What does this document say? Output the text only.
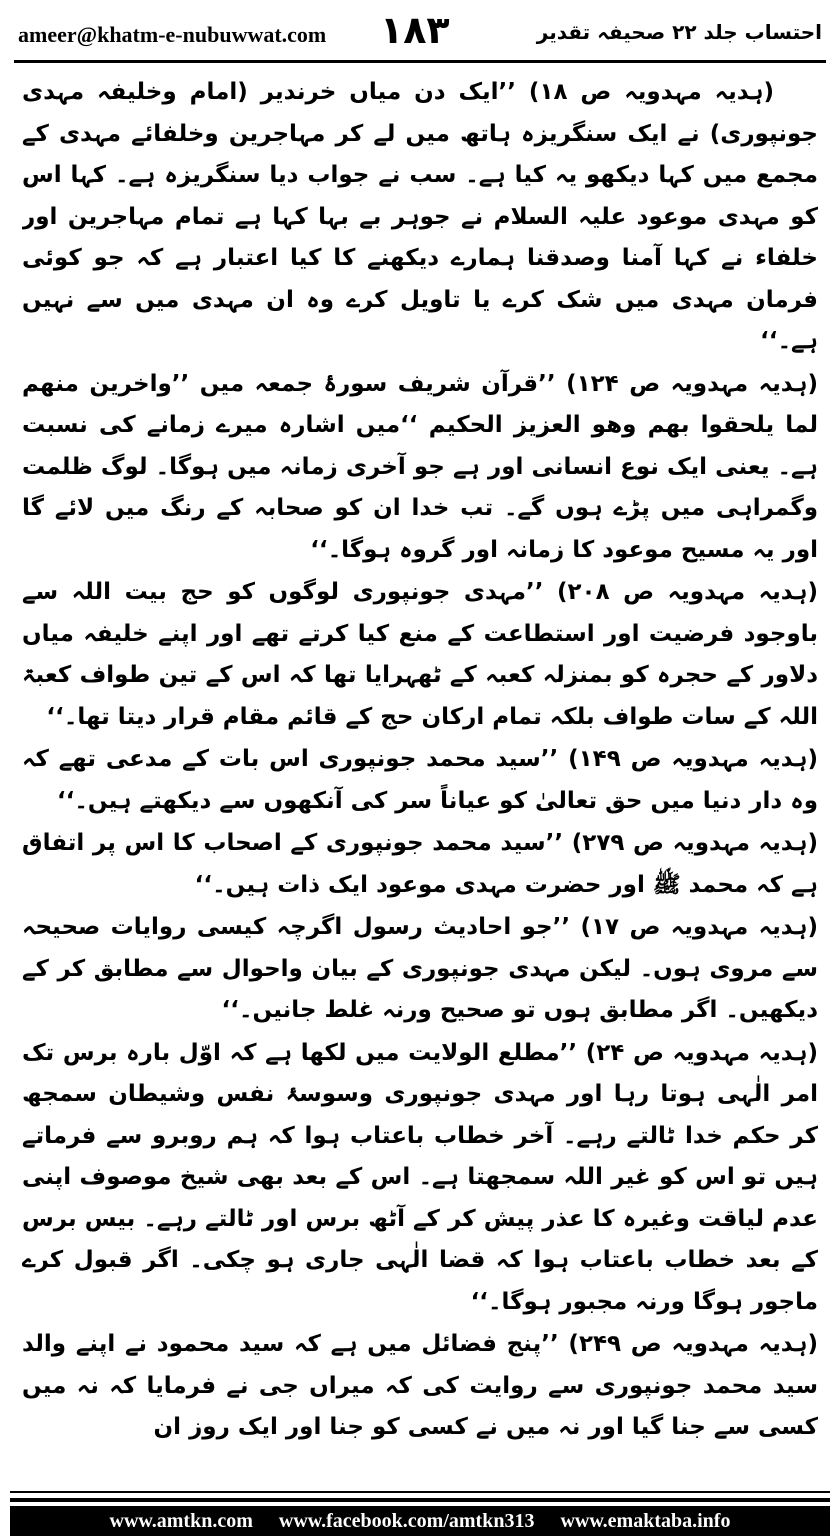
ameer@khatm-e-nubuwwat.com ۱۸۳	احتساب جلد ۲۲ صحیفہ تقدیر

(ہدیہ مہدویہ ص ۱۸) ’’ایک دن میاں خرندیر (امام وخلیفہ مہدی جونپوری) نے ایک سنگریزہ ہاتھ میں لے کر مہاجرین وخلفائے مہدی کے مجمع میں کہا دیکھو یہ کیا ہے۔ سب نے جواب دیا سنگریزہ ہے۔ کہا اس کو مہدی موعود علیہ السلام نے جوہر بے بہا کہا ہے تمام مہاجرین اور خلفاء نے کہا آمنا وصدقنا ہمارے دیکھنے کا کیا اعتبار ہے کہ جو کوئی فرمان مہدی میں شک کرے یا تاویل کرے وہ ان مہدی میں سے نہیں ہے۔‘‘

(ہدیہ مہدویہ ص ۱۲۴) ’’قرآن شریف سورۂ جمعہ میں ’’واخرین منھم لما یلحقوا بھم وھو العزیز الحکیم ‘‘میں اشارہ میرے زمانے کی نسبت ہے۔ یعنی ایک نوع انسانی اور ہے جو آخری زمانہ میں ہوگا۔ لوگ ظلمت وگمراہی میں پڑے ہوں گے۔ تب خدا ان کو صحابہ کے رنگ میں لائے گا اور یہ مسیح موعود کا زمانہ اور گروہ ہوگا۔‘‘

(ہدیہ مہدویہ ص ۲۰۸) ’’مہدی جونپوری لوگوں کو حج بیت اللہ سے باوجود فرضیت اور استطاعت کے منع کیا کرتے تھے اور اپنے خلیفہ میاں دلاور کے حجرہ کو بمنزلہ کعبہ کے ٹھہرایا تھا کہ اس کے تین طواف کعبۃ اللہ کے سات طواف بلکہ تمام ارکان حج کے قائم مقام قرار دیتا تھا۔‘‘

(ہدیہ مہدویہ ص ۱۴۹) ’’سید محمد جونپوری اس بات کے مدعی تھے کہ وہ دار دنیا میں حق تعالیٰ کو عیاناً سر کی آنکھوں سے دیکھتے ہیں۔‘‘

(ہدیہ مہدویہ ص ۲۷۹) ’’سید محمد جونپوری کے اصحاب کا اس پر اتفاق ہے کہ محمد ﷺ اور حضرت مہدی موعود ایک ذات ہیں۔‘‘

(ہدیہ مہدویہ ص ۱۷) ’’جو احادیث رسول اگرچہ کیسی روایات صحیحہ سے مروی ہوں۔ لیکن مہدی جونپوری کے بیان واحوال سے مطابق کر کے دیکھیں۔ اگر مطابق ہوں تو صحیح ورنہ غلط جانیں۔‘‘

(ہدیہ مہدویہ ص ۲۴) ’’مطلع الولایت میں لکھا ہے کہ اوّل بارہ برس تک امر الٰہی ہوتا رہا اور مہدی جونپوری وسوسۂ نفس وشیطان سمجھ کر حکم خدا ٹالتے رہے۔ آخر خطاب باعتاب ہوا کہ ہم روبرو سے فرماتے ہیں تو اس کو غیر اللہ سمجھتا ہے۔ اس کے بعد بھی شیخ موصوف اپنی عدم لیاقت وغیرہ کا عذر پیش کر کے آٹھ برس اور ٹالتے رہے۔ بیس برس کے بعد خطاب باعتاب ہوا کہ قضا الٰہی جاری ہو چکی۔ اگر قبول کرے ماجور ہوگا ورنہ مجبور ہوگا۔‘‘

(ہدیہ مہدویہ ص ۲۴۹) ’’پنج فضائل میں ہے کہ سید محمود نے اپنے والد سید محمد جونپوری سے روایت کی کہ میراں جی نے فرمایا کہ نہ میں کسی سے جنا گیا اور نہ میں نے کسی کو جنا اور ایک روز ان

www.amtkn.com www.facebook.com/amtkn313 www.emaktaba.info
